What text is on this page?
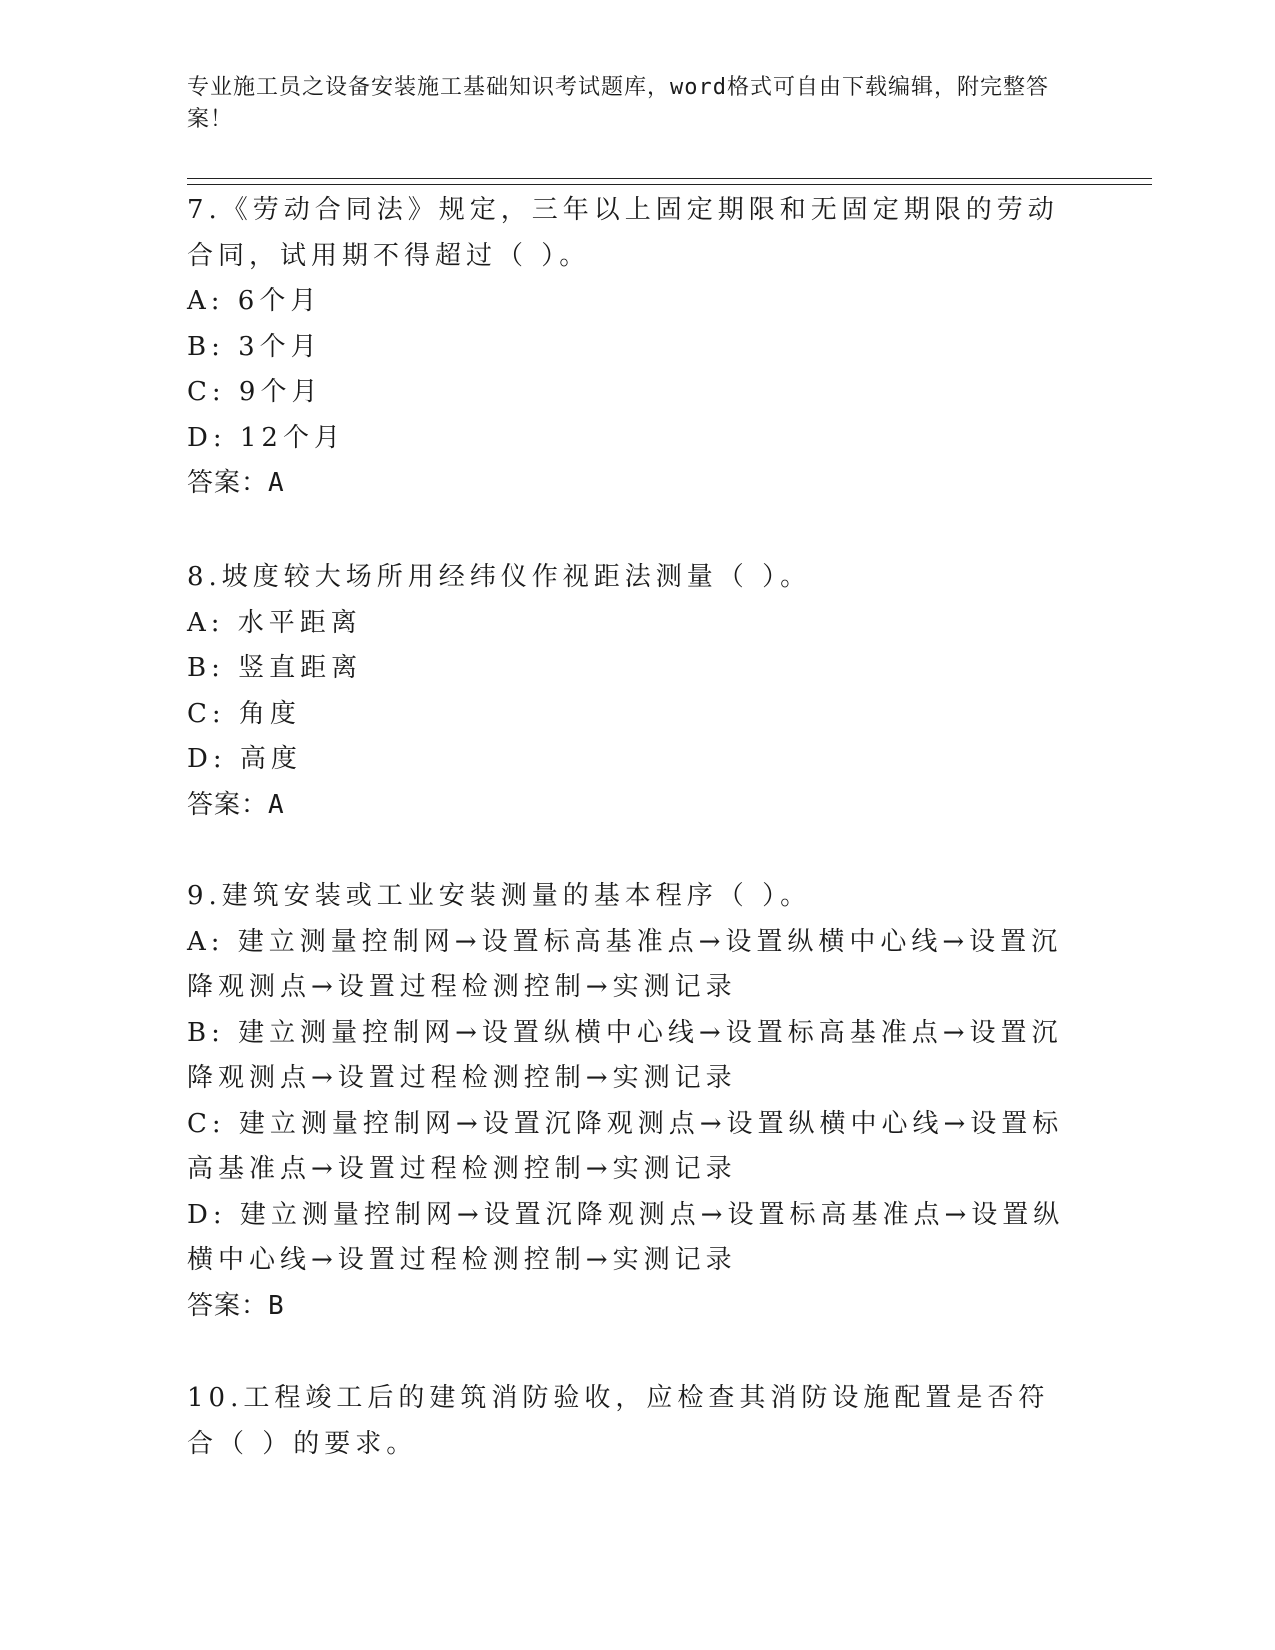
专业施工员之设备安装施工基础知识考试题库，word格式可自由下载编辑，附完整答案！

7.《劳动合同法》规定，三年以上固定期限和无固定期限的劳动合同，试用期不得超过（ ）。

A: 6个月

B: 3个月

C: 9个月

D: 12个月

答案：A

8.坡度较大场所用经纬仪作视距法测量（ ）。

A: 水平距离

B: 竖直距离

C: 角度

D: 高度

答案：A

9.建筑安装或工业安装测量的基本程序（ ）。

A: 建立测量控制网→设置标高基准点→设置纵横中心线→设置沉降观测点→设置过程检测控制→实测记录

B: 建立测量控制网→设置纵横中心线→设置标高基准点→设置沉降观测点→设置过程检测控制→实测记录

C: 建立测量控制网→设置沉降观测点→设置纵横中心线→设置标高基准点→设置过程检测控制→实测记录

D: 建立测量控制网→设置沉降观测点→设置标高基准点→设置纵横中心线→设置过程检测控制→实测记录

答案：B

10.工程竣工后的建筑消防验收，应检查其消防设施配置是否符合（ ）的要求。
